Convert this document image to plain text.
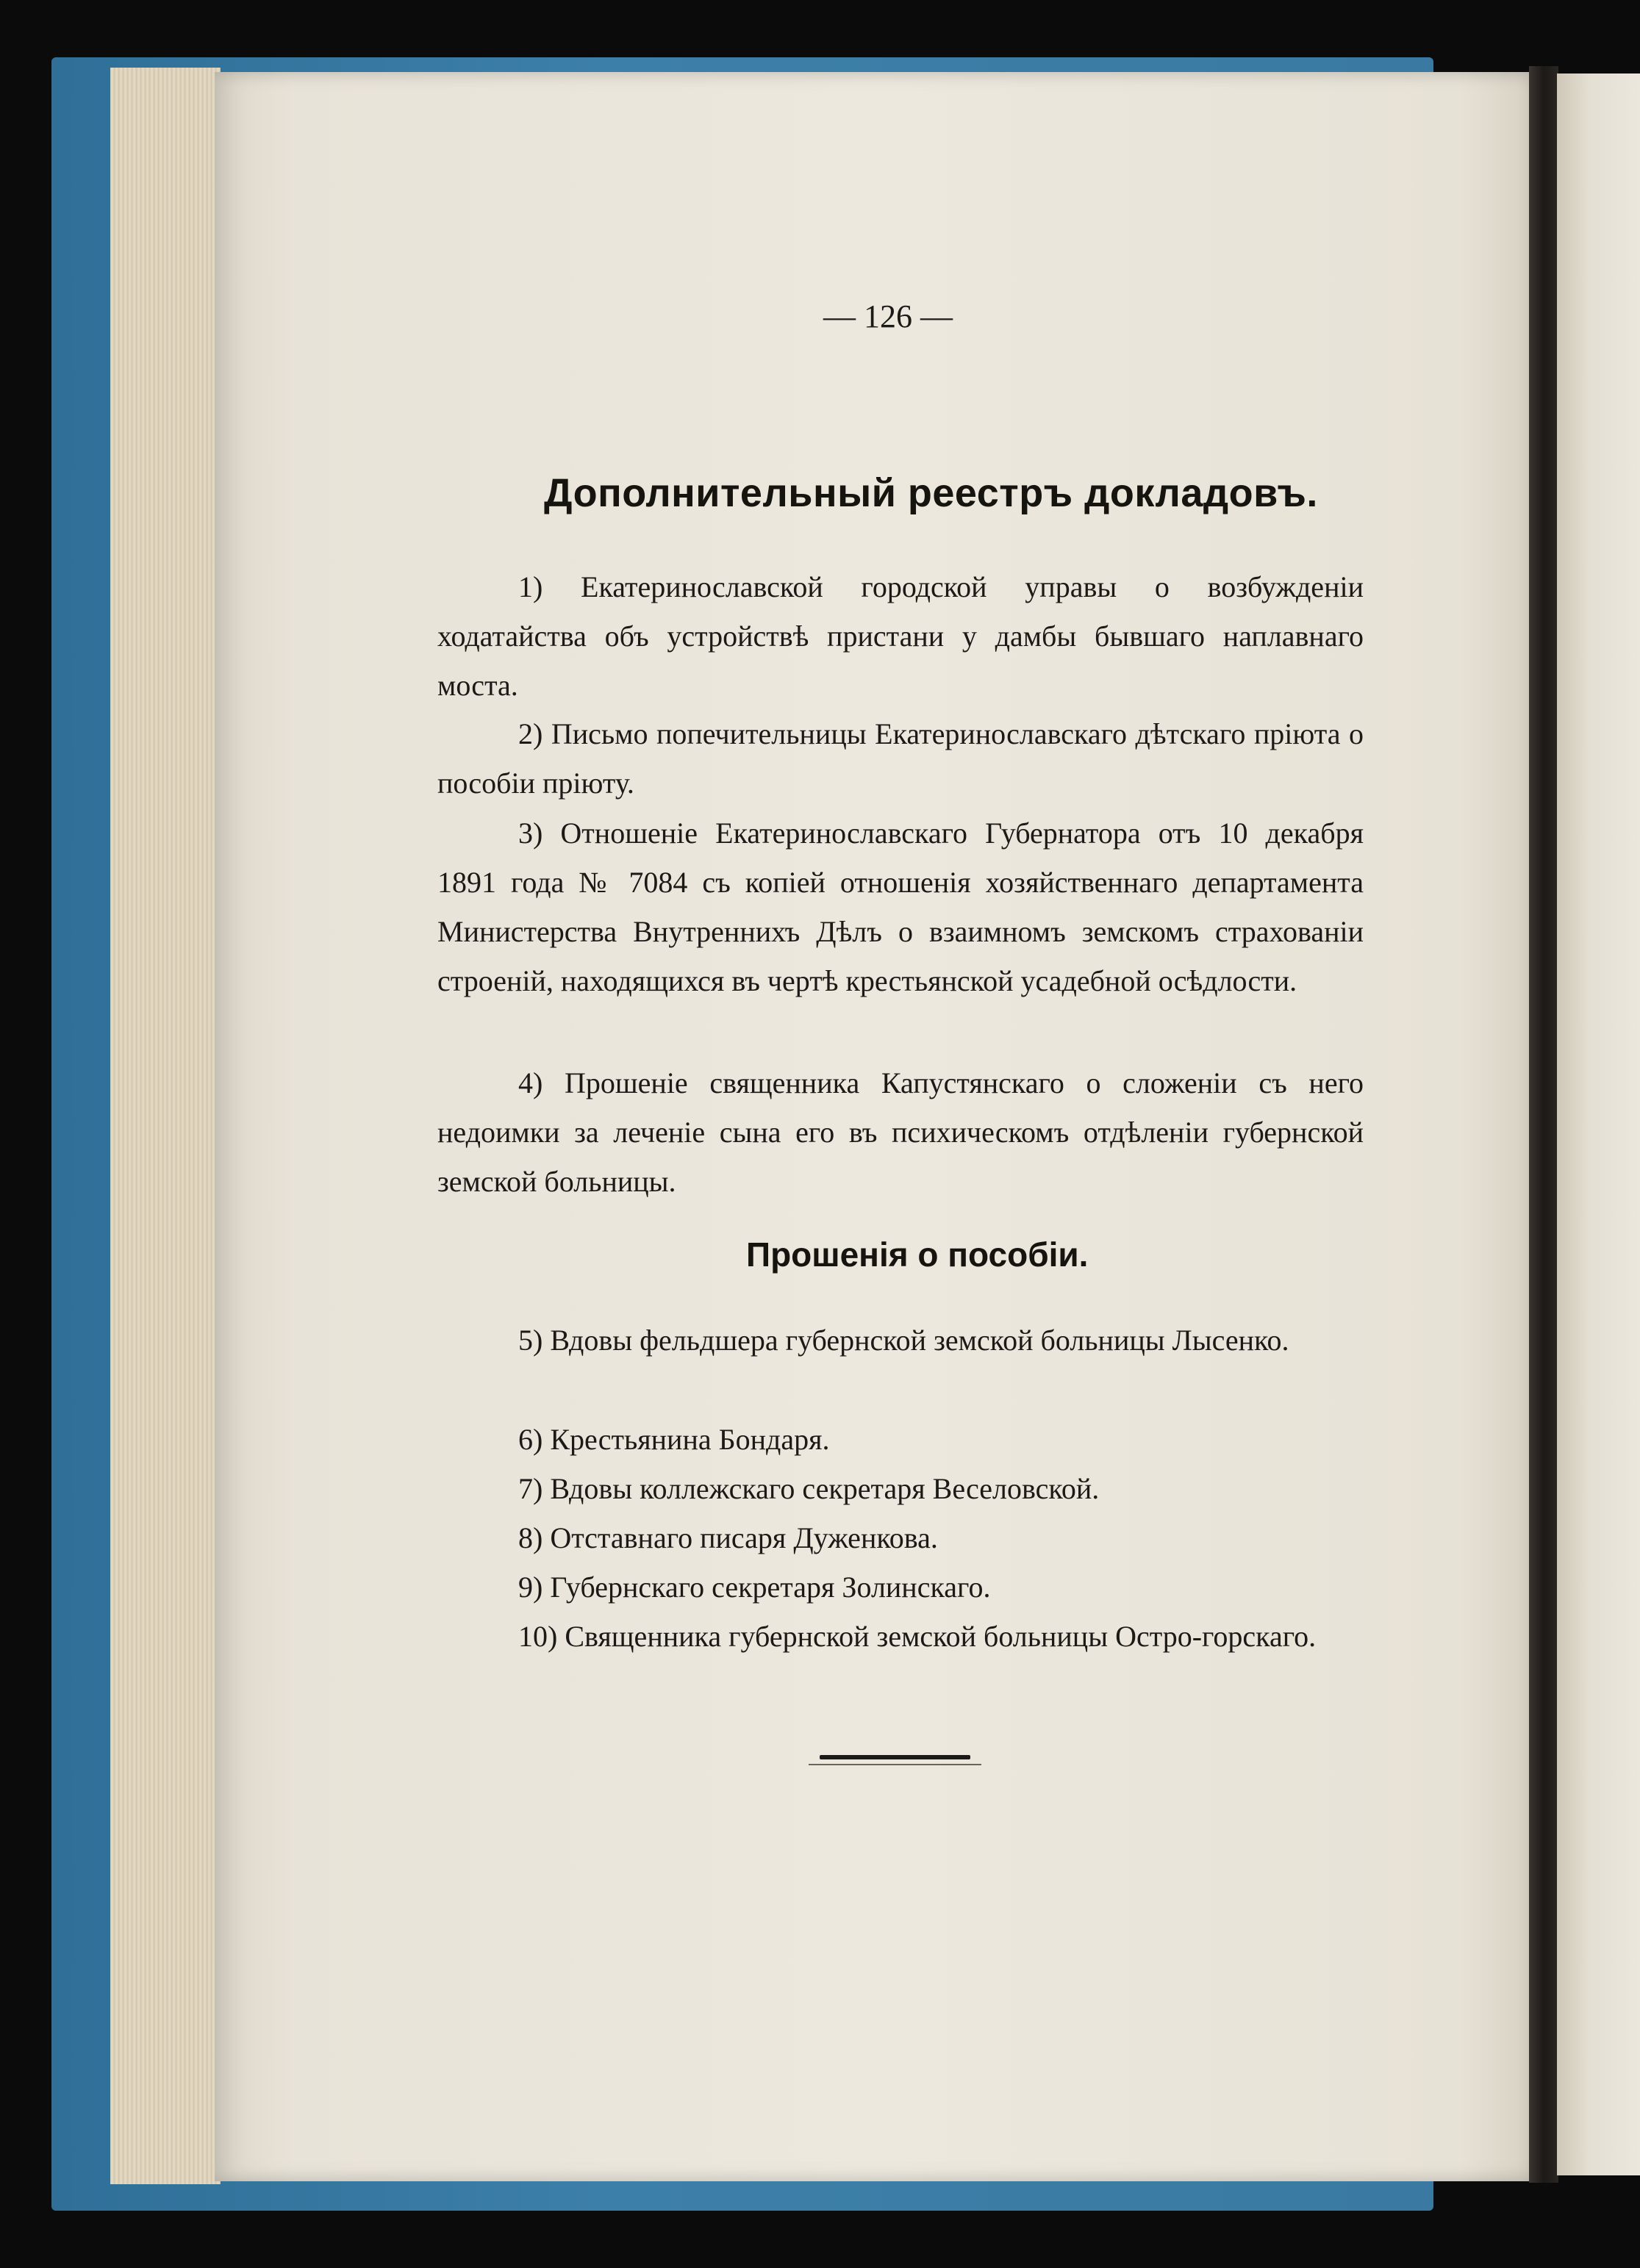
— 126 —
Дополнительный реестръ докладовъ.

1) Екатеринославской городской управы о возбужденіи ходатайства объ устройствѣ пристани у дамбы бывшаго наплавнаго моста.

2) Письмо попечительницы Екатеринославскаго дѣтскаго пріюта о пособіи пріюту.

3) Отношеніе Екатеринославскаго Губернатора отъ 10 декабря 1891 года № 7084 съ копіей отношенія хозяйственнаго департамента Министерства Внутреннихъ Дѣлъ о взаимномъ земскомъ страхованіи строеній, находящихся въ чертѣ крестьянской усадебной осѣдлости.

4) Прошеніе священника Капустянскаго о сложеніи съ него недоимки за леченіе сына его въ психическомъ отдѣленіи губернской земской больницы.

Прошенія о пособіи.

5) Вдовы фельдшера губернской земской больницы Лысенко.

6) Крестьянина Бондаря.

7) Вдовы коллежскаго секретаря Веселовской.

8) Отставнаго писаря Дуженкова.

9) Губернскаго секретаря Золинскаго.

10) Священника губернской земской больницы Остро-горскаго.
